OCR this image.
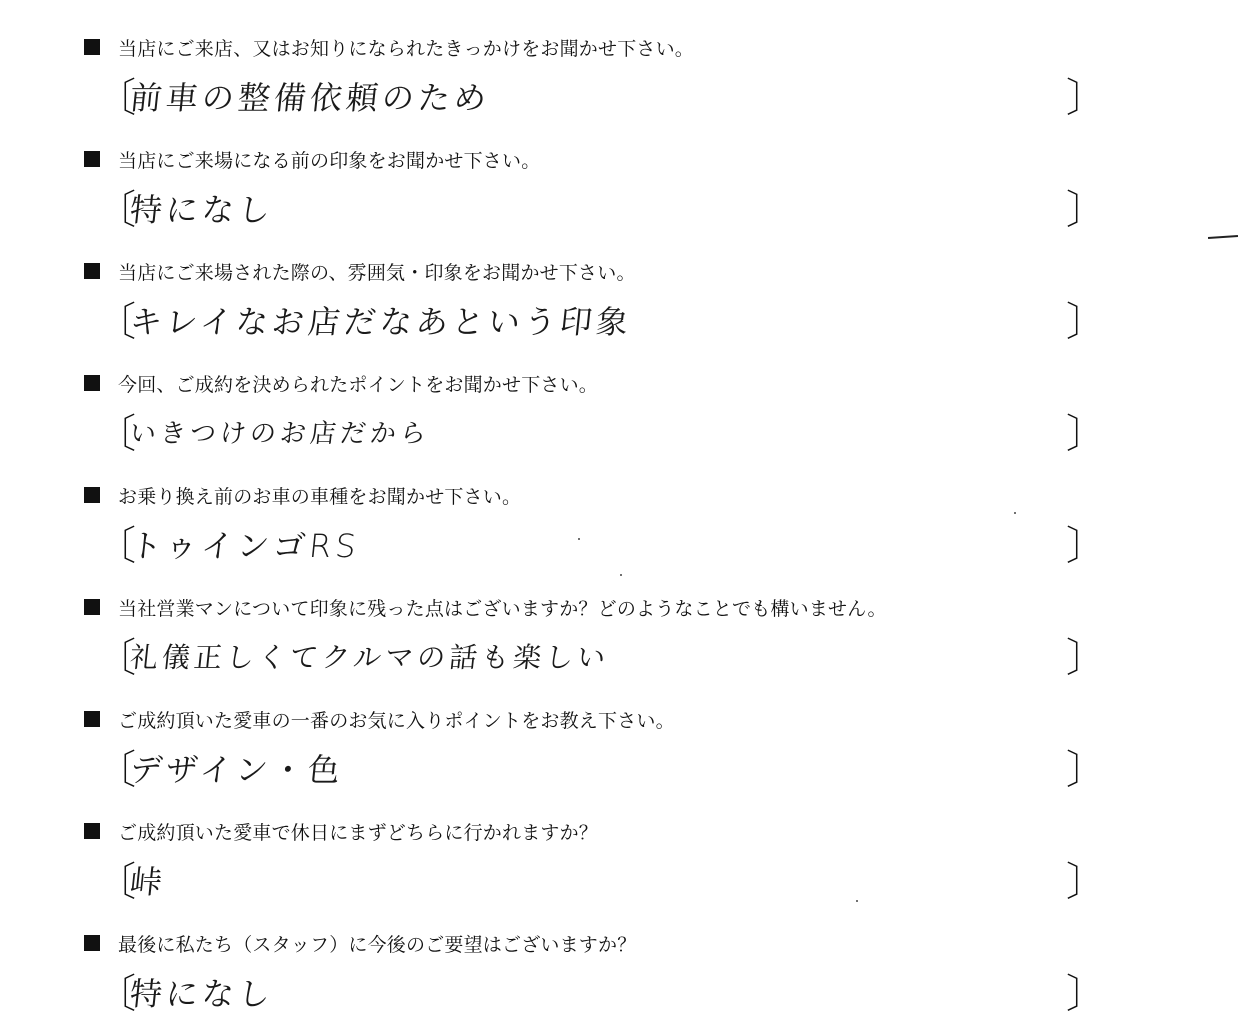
当店にご来店、又はお知りになられたきっかけをお聞かせ下さい。
〔
前車の整備依頼のため	〕
当店にご来場になる前の印象をお聞かせ下さい。
〔
特になし	〕
当店にご来場された際の、雰囲気・印象をお聞かせ下さい。
〔
キレイなお店だなあという印象	〕
今回、ご成約を決められたポイントをお聞かせ下さい。
〔
いきつけのお店だから	〕
お乗り換え前のお車の車種をお聞かせ下さい。
〔
トゥインゴRS	〕
当社営業マンについて印象に残った点はございますか？どのようなことでも構いません。
〔
礼儀正しくてクルマの話も楽しい	〕
ご成約頂いた愛車の一番のお気に入りポイントをお教え下さい。
〔
デザイン・色	〕
ご成約頂いた愛車で休日にまずどちらに行かれますか？
〔
峠	〕
最後に私たち（スタッフ）に今後のご要望はございますか？
〔
特になし	〕
